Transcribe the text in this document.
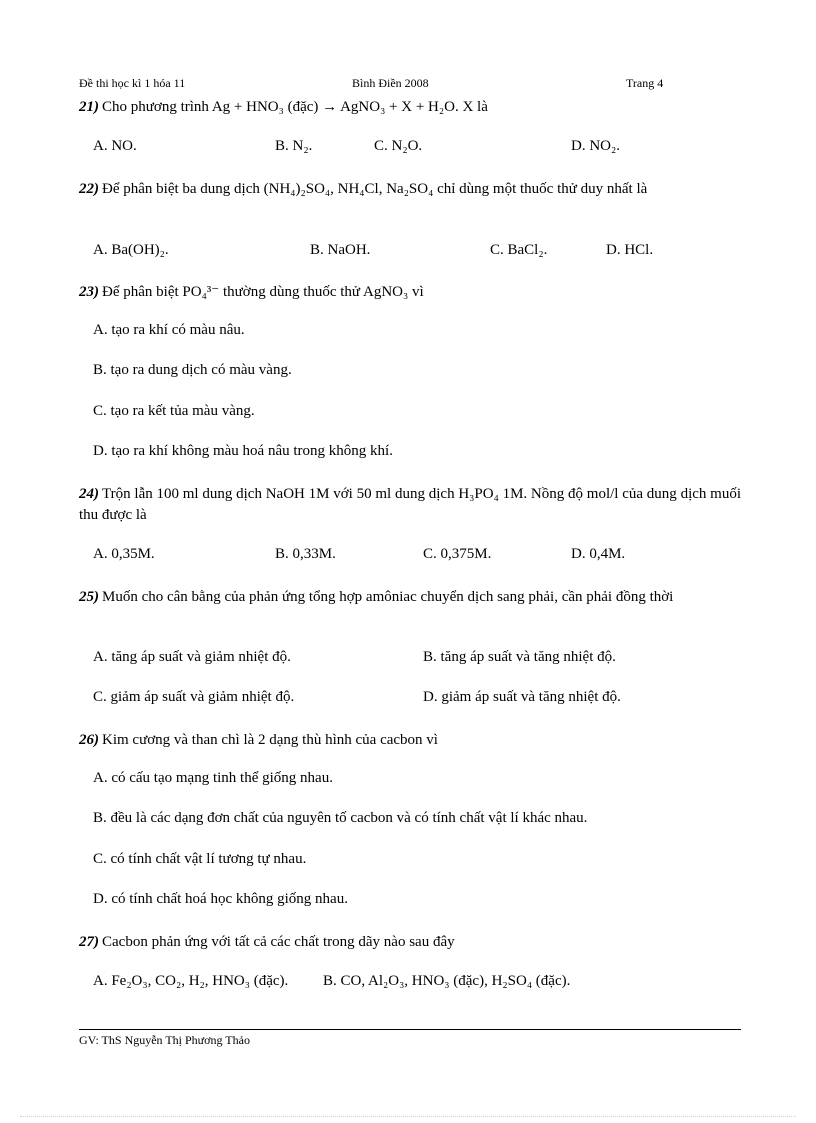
Đề thi học kì 1 hóa 11	Bình Điền 2008	Trang 4
21) Cho phương trình Ag + HNO₃ (đặc) → AgNO₃ + X + H₂O. X là
A. NO.	B. N₂.	C. N₂O.	D. NO₂.
22) Để phân biệt ba dung dịch (NH₄)₂SO₄, NH₄Cl, Na₂SO₄ chỉ dùng một thuốc thử duy nhất là
A. Ba(OH)₂.	B. NaOH.	C. BaCl₂.	D. HCl.
23) Để phân biệt PO₄³⁻ thường dùng thuốc thử AgNO₃ vì
A. tạo ra khí có màu nâu.
B. tạo ra dung dịch có màu vàng.
C. tạo ra kết tủa màu vàng.
D. tạo ra khí không màu hoá nâu trong không khí.
24) Trộn lẫn 100 ml dung dịch NaOH 1M với 50 ml dung dịch H₃PO₄ 1M. Nồng độ mol/l của dung dịch muối thu được là
A. 0,35M.	B. 0,33M.	C. 0,375M.	D. 0,4M.
25) Muốn cho cân bằng của phản ứng tổng hợp amôniac chuyển dịch sang phải, cần phải đồng thời
A. tăng áp suất và giảm nhiệt độ.	B. tăng áp suất và tăng nhiệt độ.
C. giảm áp suất và giảm nhiệt độ.	D. giảm áp suất và tăng nhiệt độ.
26) Kim cương và than chì là 2 dạng thù hình của cacbon vì
A. có cấu tạo mạng tinh thể giống nhau.
B. đều là các dạng đơn chất của nguyên tố cacbon và có tính chất vật lí khác nhau.
C. có tính chất vật lí tương tự nhau.
D. có tính chất hoá học không giống nhau.
27) Cacbon phản ứng với tất cả các chất trong dãy nào sau đây
A. Fe₂O₃, CO₂, H₂, HNO₃ (đặc). B. CO, Al₂O₃, HNO₃ (đặc), H₂SO₄ (đặc).
GV: ThS Nguyễn Thị Phương Thảo
